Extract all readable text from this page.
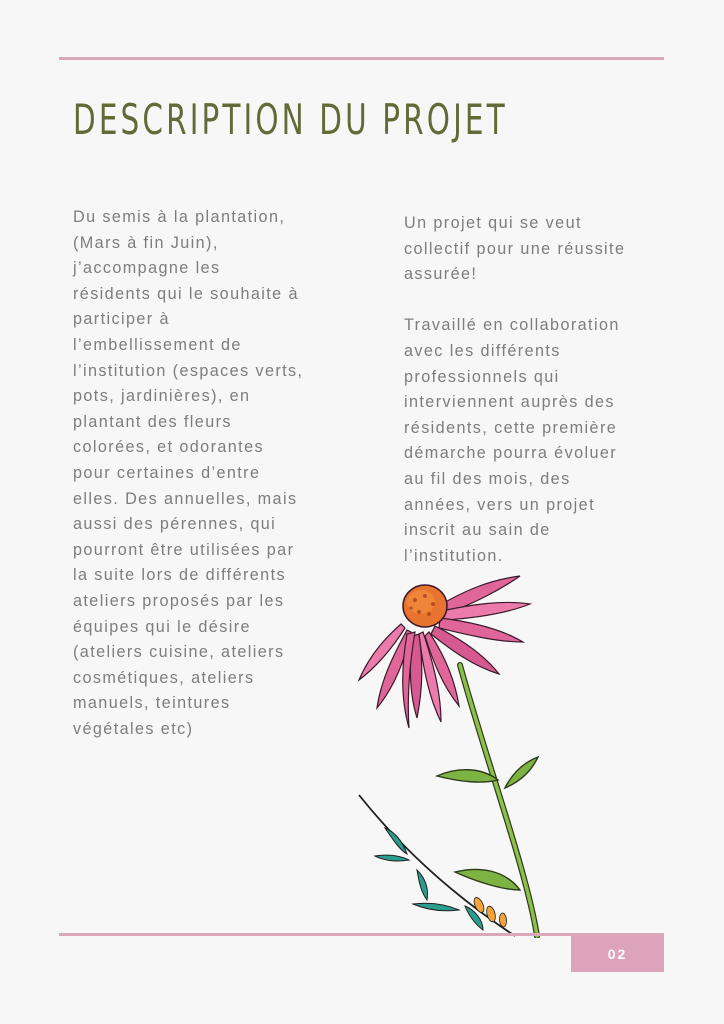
DESCRIPTION DU PROJET
Du semis à la plantation,
(Mars à fin Juin),
j’accompagne les
résidents qui le souhaite à
participer à
l’embellissement de
l’institution (espaces verts,
pots, jardinières), en
plantant des fleurs
colorées, et odorantes
pour certaines d’entre
elles. Des annuelles, mais
aussi des pérennes, qui
pourront être utilisées par
la suite lors de différents
ateliers proposés par les
équipes qui le désire
(ateliers cuisine, ateliers
cosmétiques, ateliers
manuels, teintures
végétales etc)

Un projet qui se veut
collectif pour une réussite
assurée!

Travaillé en collaboration
avec les différents
professionnels qui
interviennent auprès des
résidents, cette première
démarche pourra évoluer
au fil des mois, des
années, vers un projet
inscrit au sain de
l’institution.

02
